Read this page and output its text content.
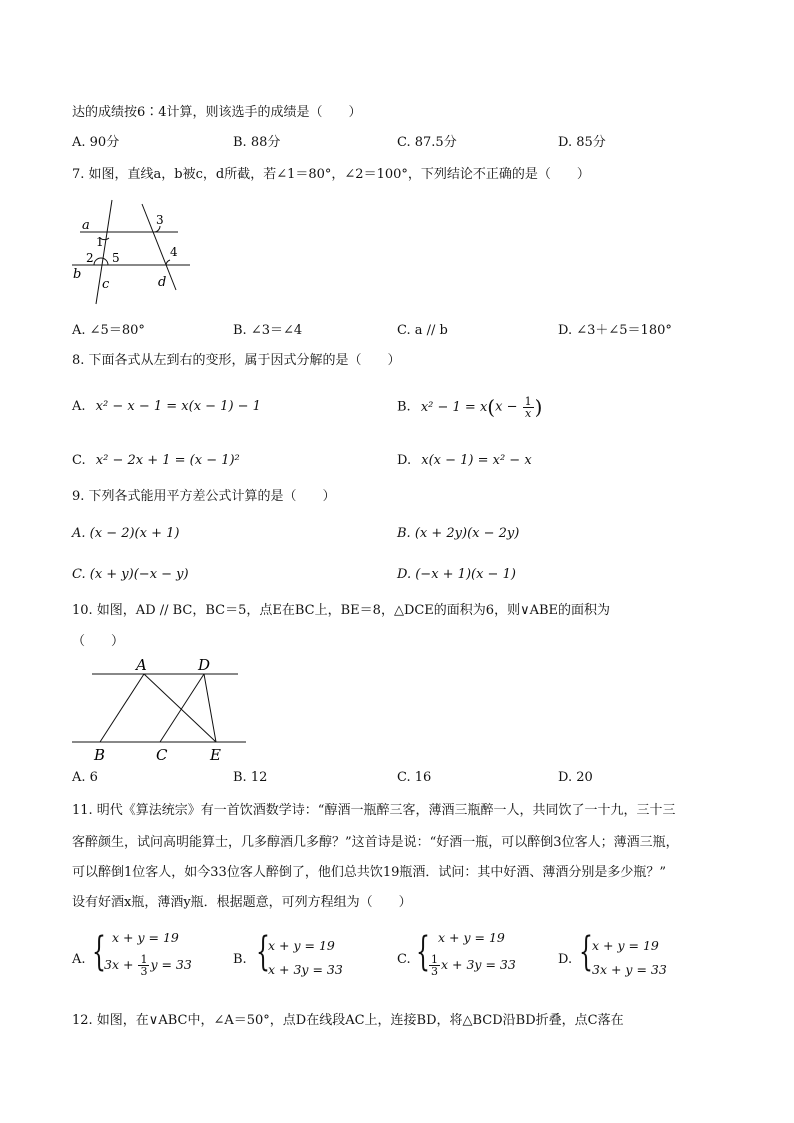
达的成绩按6∶4计算，则该选手的成绩是（　　）
A. 90分	B. 88分	C. 87.5分	D. 85分
7. 如图，直线a，b被c，d所截，若∠1＝80°，∠2＝100°，下列结论不正确的是（　　）
a
b
c	d
1
2
3
4
5
A. ∠5＝80°	B. ∠3＝∠4	C. a // b	D. ∠3＋∠5＝180°
8. 下面各式从左到右的变形，属于因式分解的是（　　）
A. x² − x − 1 = x(x − 1) − 1	B. $x^2 - 1 = x(x - \frac{1}{x}$ )
C. x² − 2x + 1 = (x − 1)²	D. x(x − 1) = x² − x
9. 下列各式能用平方差公式计算的是（　　）
A. (x − 2)(x + 1)	B. (x + 2y)(x − 2y)
C. (x + y)(−x − y)	D. (−x + 1)(x − 1)
10. 如图，AD // BC，BC＝5，点E在BC上，BE＝8，△DCE的面积为6，则∨ABE的面积为
（　　）
A	D
B	C	E
A. 6	B. 12	C. 16	D. 20
11. 明代《算法统宗》有一首饮酒数学诗：“醇酒一瓶醉三客，薄酒三瓶醉一人，共同饮了一十九，三十三
客醉颜生，试问高明能算士，几多醇酒几多醇？”这首诗是说：“好酒一瓶，可以醉倒3位客人；薄酒三瓶，
可以醉倒1位客人，如今33位客人醉倒了，他们总共饮19瓶酒．试问：其中好酒、薄酒分别是多少瓶？”
设有好酒x瓶，薄酒y瓶．根据题意，可列方程组为（　　）
A. { x + y = 19
$3x + \frac{1}{3}$ y = 33	B. {
x + y = 19
x + 3y = 33
C. { x + y = 19
$\frac{1}{3}$ x + 3y = 33	D. { x + y = 19
3x + y = 33
12. 如图，在∨ABC中，∠A＝50°，点D在线段AC上，连接BD，将△BCD沿BD折叠，点C落在
